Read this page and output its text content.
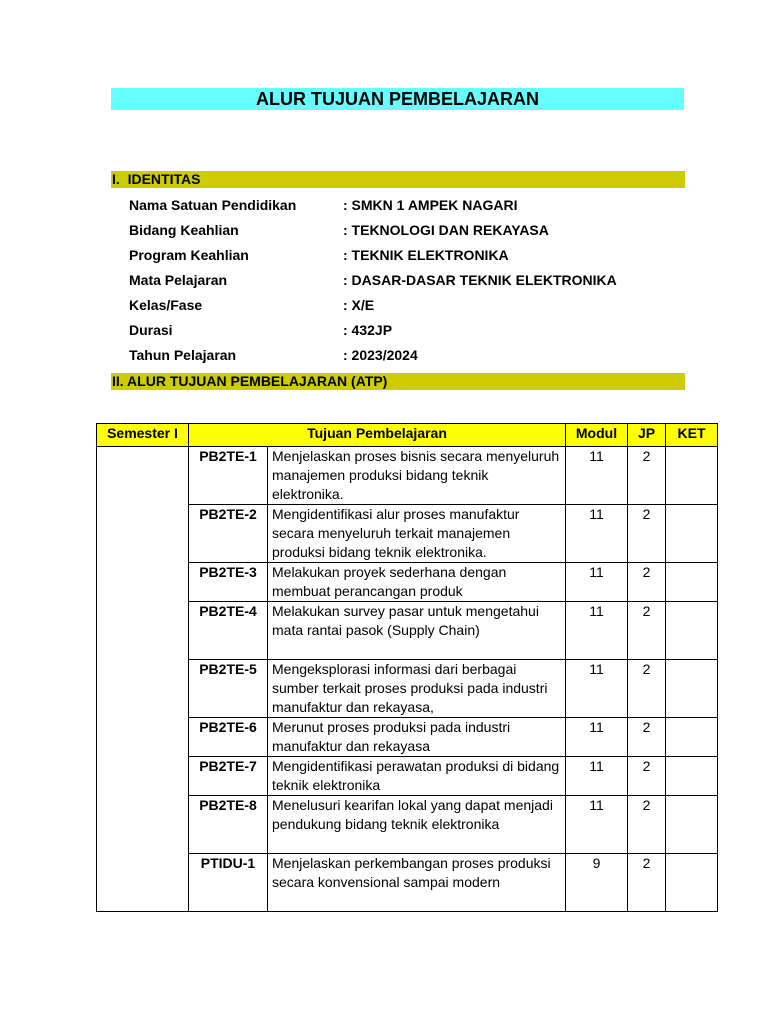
ALUR TUJUAN PEMBELAJARAN
I. IDENTITAS
Nama Satuan Pendidikan	: SMKN 1 AMPEK NAGARI
Bidang Keahlian	: TEKNOLOGI DAN REKAYASA
Program Keahlian	: TEKNIK ELEKTRONIKA
Mata Pelajaran	: DASAR-DASAR TEKNIK ELEKTRONIKA
Kelas/Fase	: X/E
Durasi	: 432JP
Tahun Pelajaran	: 2023/2024
II. ALUR TUJUAN PEMBELAJARAN (ATP)
Semester I	Tujuan Pembelajaran		Modul	JP	KET
	PB2TE-1	Menjelaskan proses bisnis secara menyeluruh manajemen produksi bidang teknik elektronika.	11	2	
	PB2TE-2	Mengidentifikasi alur proses manufaktur secara menyeluruh terkait manajemen produksi bidang teknik elektronika.	11	2	
	PB2TE-3	Melakukan proyek sederhana dengan membuat perancangan produk	11	2	
	PB2TE-4	Melakukan survey pasar untuk mengetahui mata rantai pasok (Supply Chain)	11	2	
	PB2TE-5	Mengeksplorasi informasi dari berbagai sumber terkait proses produksi pada industri manufaktur dan rekayasa,	11	2	
	PB2TE-6	Merunut proses produksi pada industri manufaktur dan rekayasa	11	2	
	PB2TE-7	Mengidentifikasi perawatan produksi di bidang teknik elektronika	11	2	
	PB2TE-8	Menelusuri kearifan lokal yang dapat menjadi pendukung bidang teknik elektronika	11	2	
	PTIDU-1	Menjelaskan perkembangan proses produksi secara konvensional sampai modern	9	2	
